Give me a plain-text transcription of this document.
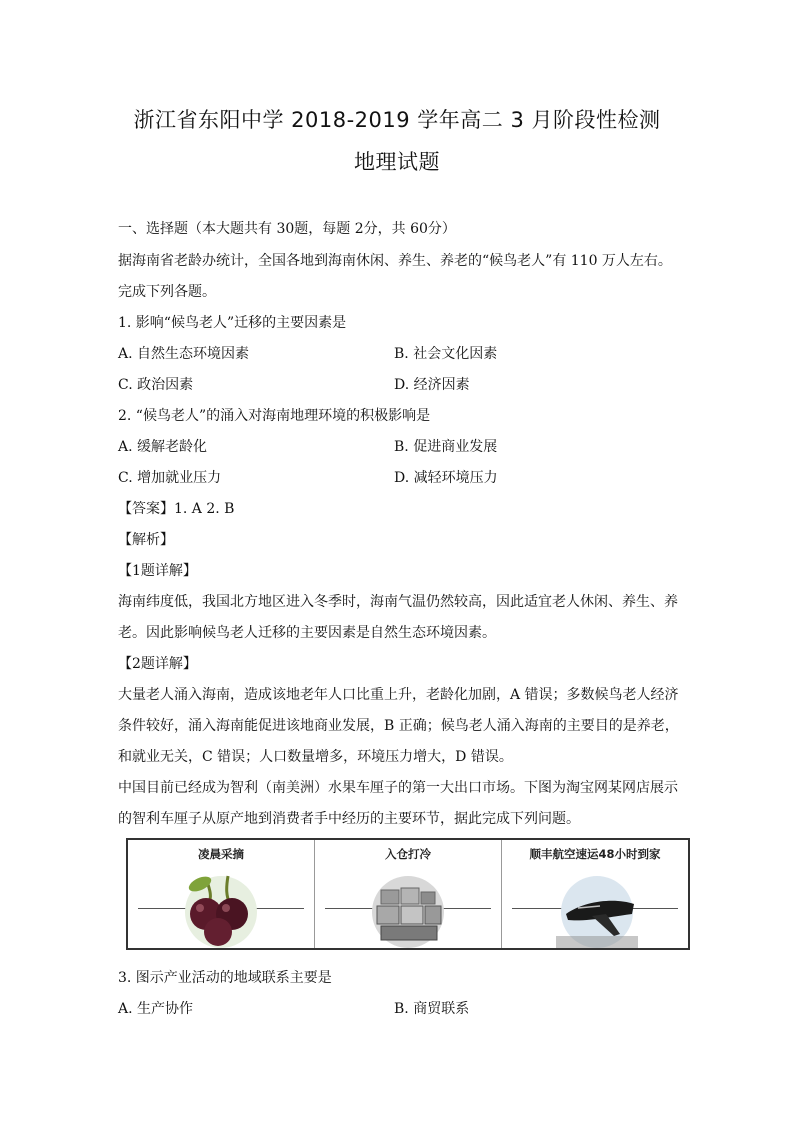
浙江省东阳中学 2018-2019 学年高二 3 月阶段性检测
地理试题
一、选择题（本大题共有 30题，每题 2分，共 60分）
据海南省老龄办统计，全国各地到海南休闲、养生、养老的“候鸟老人”有 110 万人左右。
完成下列各题。
1. 影响“候鸟老人”迁移的主要因素是
A. 自然生态环境因素	B. 社会文化因素
C. 政治因素	D. 经济因素
2. “候鸟老人”的涌入对海南地理环境的积极影响是
A. 缓解老龄化	B. 促进商业发展
C. 增加就业压力	D. 减轻环境压力
【答案】1. A 2. B
【解析】
【1题详解】
海南纬度低，我国北方地区进入冬季时，海南气温仍然较高，因此适宜老人休闲、养生、养
老。因此影响候鸟老人迁移的主要因素是自然生态环境因素。
【2题详解】
大量老人涌入海南，造成该地老年人口比重上升，老龄化加剧，A 错误；多数候鸟老人经济
条件较好，涌入海南能促进该地商业发展，B 正确；候鸟老人涌入海南的主要目的是养老，
和就业无关，C 错误；人口数量增多，环境压力增大，D 错误。
中国目前已经成为智利（南美洲）水果车厘子的第一大出口市场。下图为淘宝网某网店展示
的智利车厘子从原产地到消费者手中经历的主要环节，据此完成下列问题。
凌晨采摘	入仓打冷	顺丰航空速运48小时到家
3. 图示产业活动的地域联系主要是
A. 生产协作	B. 商贸联系
